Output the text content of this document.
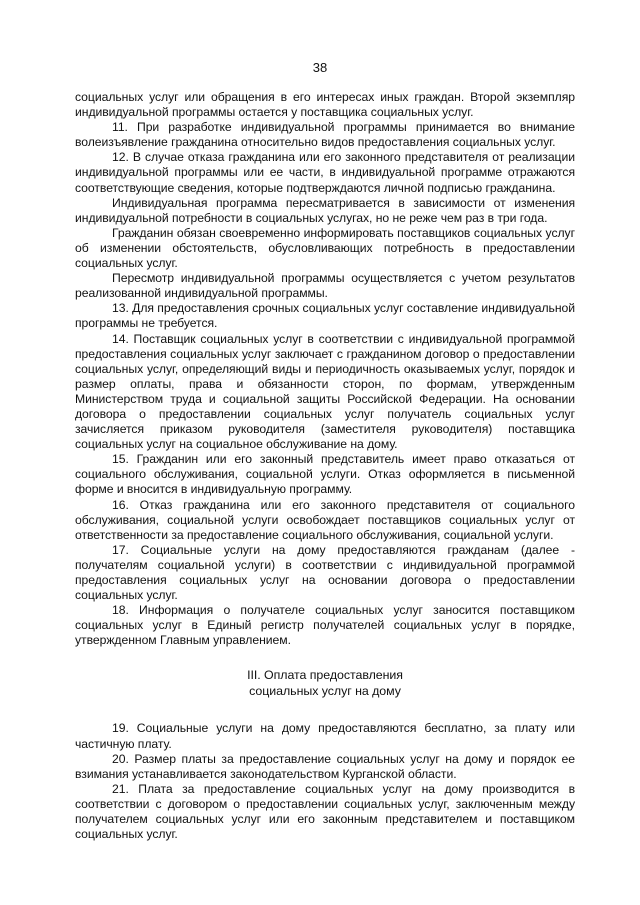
38

социальных услуг или обращения в его интересах иных граждан. Второй экземпляр индивидуальной программы остается у поставщика социальных услуг.

11. При разработке индивидуальной программы принимается во внимание волеизъявление гражданина относительно видов предоставления социальных услуг.

12. В случае отказа гражданина или его законного представителя от реализации индивидуальной программы или ее части, в индивидуальной программе отражаются соответствующие сведения, которые подтверждаются личной подписью гражданина.

Индивидуальная программа пересматривается в зависимости от изменения индивидуальной потребности в социальных услугах, но не реже чем раз в три года.

Гражданин обязан своевременно информировать поставщиков социальных услуг об изменении обстоятельств, обусловливающих потребность в предоставлении социальных услуг.

Пересмотр индивидуальной программы осуществляется с учетом результатов реализованной индивидуальной программы.

13. Для предоставления срочных социальных услуг составление индивидуальной программы не требуется.

14. Поставщик социальных услуг в соответствии с индивидуальной программой предоставления социальных услуг заключает с гражданином договор о предоставлении социальных услуг, определяющий виды и периодичность оказываемых услуг, порядок и размер оплаты, права и обязанности сторон, по формам, утвержденным Министерством труда и социальной защиты Российской Федерации. На основании договора о предоставлении социальных услуг получатель социальных услуг зачисляется приказом руководителя (заместителя руководителя) поставщика социальных услуг на социальное обслуживание на дому.

15. Гражданин или его законный представитель имеет право отказаться от социального обслуживания, социальной услуги. Отказ оформляется в письменной форме и вносится в индивидуальную программу.

16. Отказ гражданина или его законного представителя от социального обслуживания, социальной услуги освобождает поставщиков социальных услуг от ответственности за предоставление социального обслуживания, социальной услуги.

17. Социальные услуги на дому предоставляются гражданам (далее - получателям социальной услуги) в соответствии с индивидуальной программой предоставления социальных услуг на основании договора о предоставлении социальных услуг.

18. Информация о получателе социальных услуг заносится поставщиком социальных услуг в Единый регистр получателей социальных услуг в порядке, утвержденном Главным управлением.

III. Оплата предоставления
социальных услуг на дому

19. Социальные услуги на дому предоставляются бесплатно, за плату или частичную плату.

20. Размер платы за предоставление социальных услуг на дому и порядок ее взимания устанавливается законодательством Курганской области.

21. Плата за предоставление социальных услуг на дому производится в соответствии с договором о предоставлении социальных услуг, заключенным между получателем социальных услуг или его законным представителем и поставщиком социальных услуг.
